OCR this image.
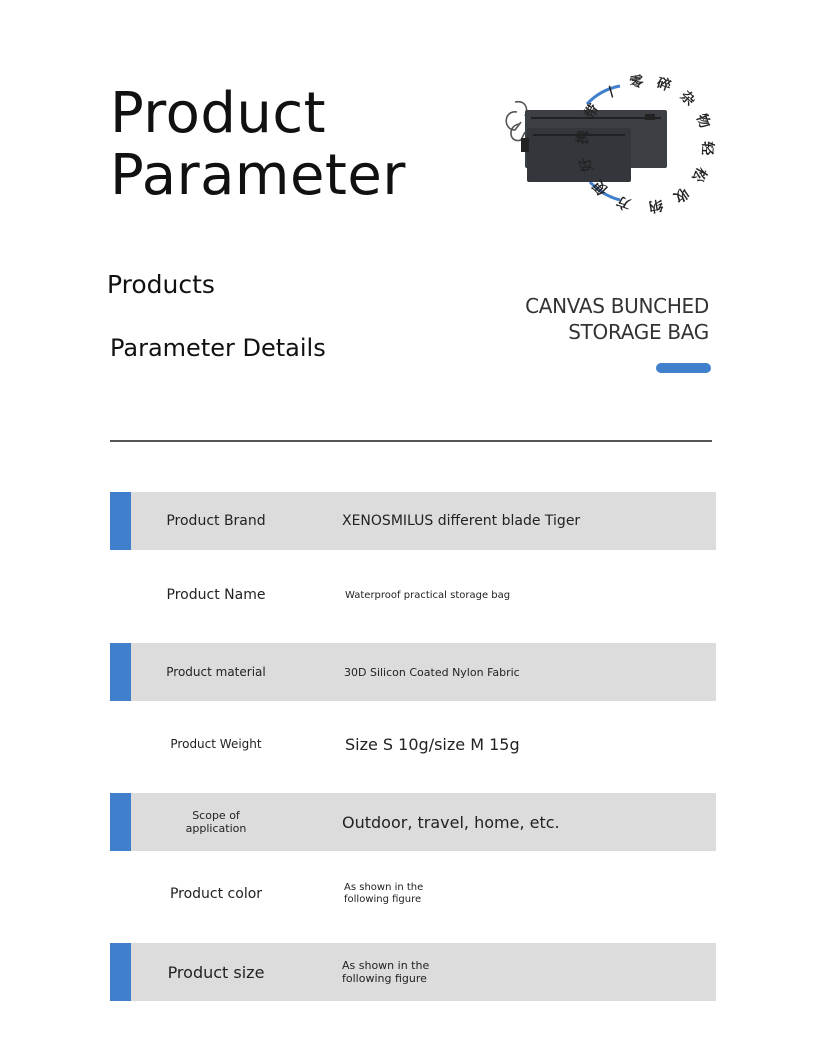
Product
Parameter	方
便
好
携
带
/
零 碎
杂
物
轻
松
收
纳
Products
Parameter Details
CANVAS BUNCHED
STORAGE BAG
Product Brand	XENOSMILUS different blade Tiger
Product Name	Waterproof practical storage bag
Product material	30D Silicon Coated Nylon Fabric
Product Weight	Size S 10g/size M 15g
Scope of application	Outdoor, travel, home, etc.
Product color	As shown in the following figure
Product size	As shown in the following figure
